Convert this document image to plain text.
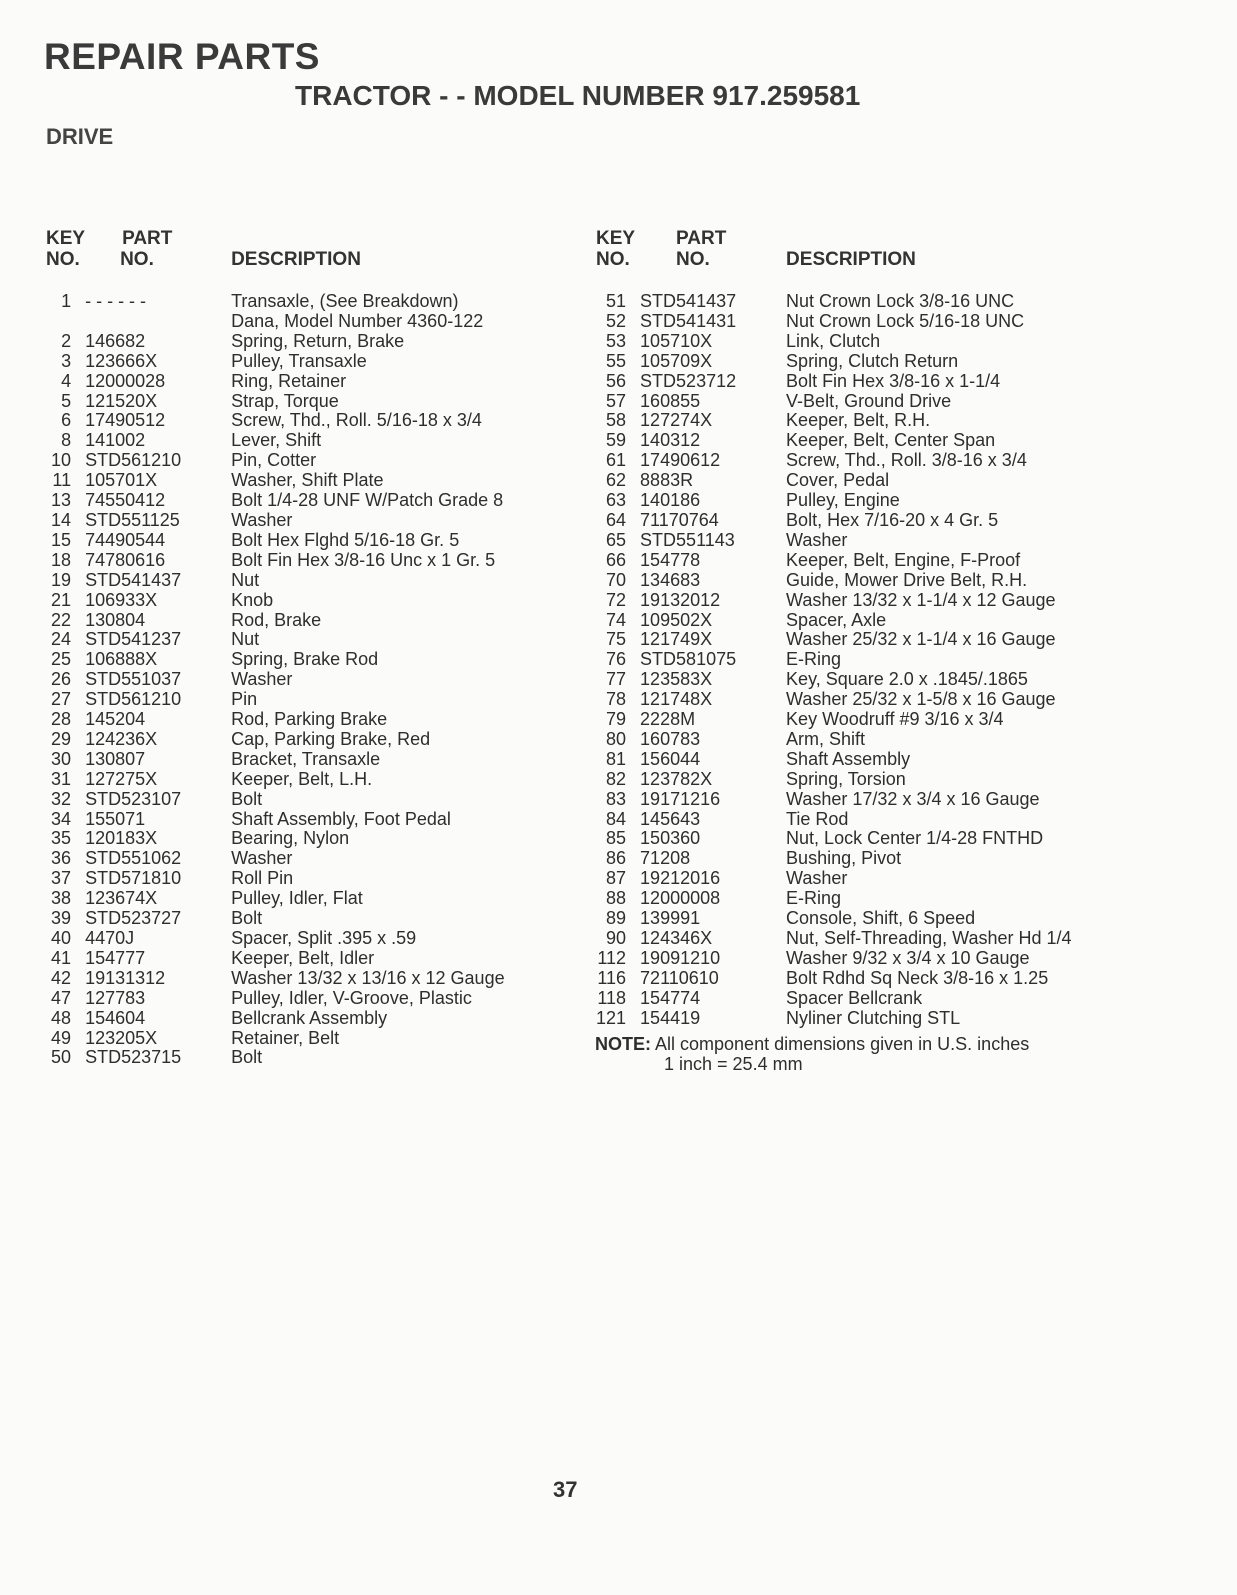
REPAIR PARTS
TRACTOR - - MODEL NUMBER 917.259581
DRIVE
KEY
NO.	PART
NO.	DESCRIPTION

1	- - - - - -	Transaxle, (See Breakdown)
		Dana, Model Number 4360-122
2	146682	Spring, Return, Brake
3	123666X	Pulley, Transaxle
4	12000028	Ring, Retainer
5	121520X	Strap, Torque
6	17490512	Screw, Thd., Roll. 5/16-18 x 3/4
8	141002	Lever, Shift
10	STD561210	Pin, Cotter
11	105701X	Washer, Shift Plate
13	74550412	Bolt 1/4-28 UNF W/Patch Grade 8
14	STD551125	Washer
15	74490544	Bolt Hex Flghd 5/16-18 Gr. 5
18	74780616	Bolt Fin Hex 3/8-16 Unc x 1 Gr. 5
19	STD541437	Nut
21	106933X	Knob
22	130804	Rod, Brake
24	STD541237	Nut
25	106888X	Spring, Brake Rod
26	STD551037	Washer
27	STD561210	Pin
28	145204	Rod, Parking Brake
29	124236X	Cap, Parking Brake, Red
30	130807	Bracket, Transaxle
31	127275X	Keeper, Belt, L.H.
32	STD523107	Bolt
34	155071	Shaft Assembly, Foot Pedal
35	120183X	Bearing, Nylon
36	STD551062	Washer
37	STD571810	Roll Pin
38	123674X	Pulley, Idler, Flat
39	STD523727	Bolt
40	4470J	Spacer, Split .395 x .59
41	154777	Keeper, Belt, Idler
42	19131312	Washer 13/32 x 13/16 x 12 Gauge
47	127783	Pulley, Idler, V-Groove, Plastic
48	154604	Bellcrank Assembly
49	123205X	Retainer, Belt
50	STD523715	Bolt
KEY
NO.	PART
NO.	DESCRIPTION

51	STD541437	Nut Crown Lock 3/8-16 UNC
52	STD541431	Nut Crown Lock 5/16-18 UNC
53	105710X	Link, Clutch
55	105709X	Spring, Clutch Return
56	STD523712	Bolt Fin Hex 3/8-16 x 1-1/4
57	160855	V-Belt, Ground Drive
58	127274X	Keeper, Belt, R.H.
59	140312	Keeper, Belt, Center Span
61	17490612	Screw, Thd., Roll. 3/8-16 x 3/4
62	8883R	Cover, Pedal
63	140186	Pulley, Engine
64	71170764	Bolt, Hex 7/16-20 x 4 Gr. 5
65	STD551143	Washer
66	154778	Keeper, Belt, Engine, F-Proof
70	134683	Guide, Mower Drive Belt, R.H.
72	19132012	Washer 13/32 x 1-1/4 x 12 Gauge
74	109502X	Spacer, Axle
75	121749X	Washer 25/32 x 1-1/4 x 16 Gauge
76	STD581075	E-Ring
77	123583X	Key, Square 2.0 x .1845/.1865
78	121748X	Washer 25/32 x 1-5/8 x 16 Gauge
79	2228M	Key Woodruff #9 3/16 x 3/4
80	160783	Arm, Shift
81	156044	Shaft Assembly
82	123782X	Spring, Torsion
83	19171216	Washer 17/32 x 3/4 x 16 Gauge
84	145643	Tie Rod
85	150360	Nut, Lock Center 1/4-28 FNTHD
86	71208	Bushing, Pivot
87	19212016	Washer
88	12000008	E-Ring
89	139991	Console, Shift, 6 Speed
90	124346X	Nut, Self-Threading, Washer Hd 1/4
112	19091210	Washer 9/32 x 3/4 x 10 Gauge
116	72110610	Bolt Rdhd Sq Neck 3/8-16 x 1.25
118	154774	Spacer Bellcrank
121	154419	Nyliner Clutching STL
NOTE: All component dimensions given in U.S. inches
1 inch = 25.4 mm
37
